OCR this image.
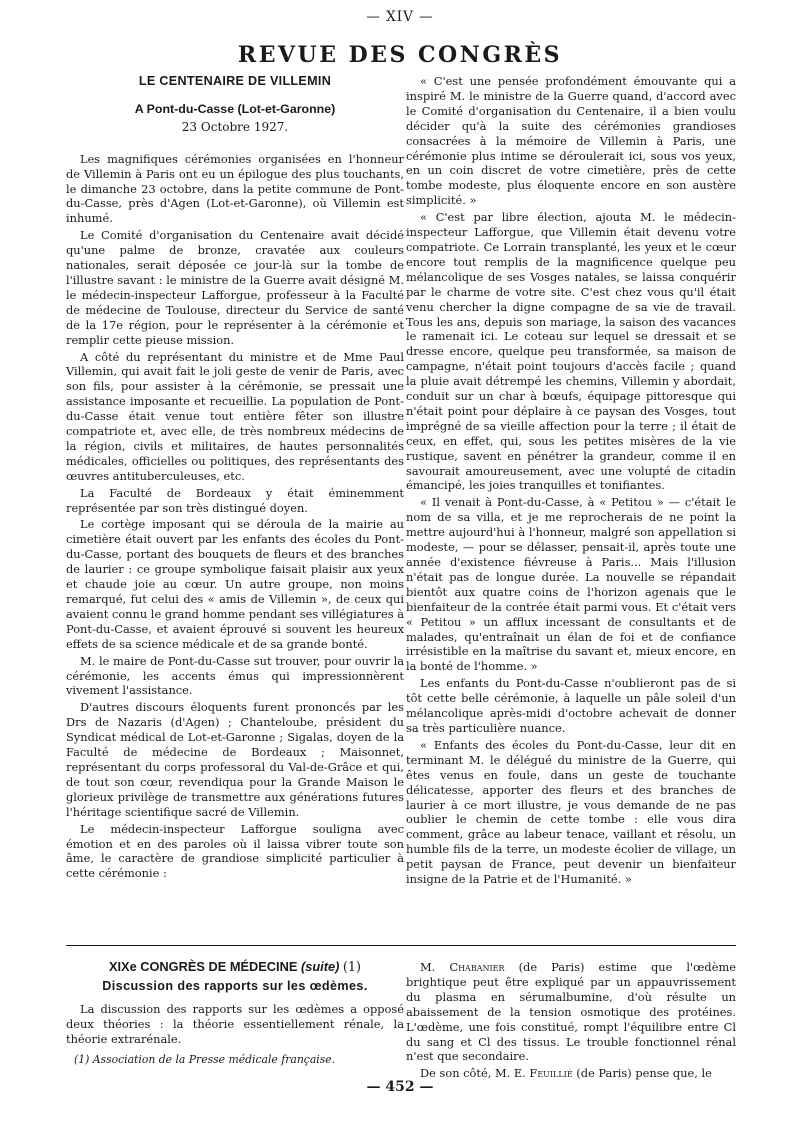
— XIV —
REVUE DES CONGRÈS
LE CENTENAIRE DE VILLEMIN
A Pont-du-Casse (Lot-et-Garonne)
23 Octobre 1927.

Les magnifiques cérémonies organisées en l'honneur de Villemin à Paris ont eu un épilogue des plus touchants, le dimanche 23 octobre, dans la petite commune de Pont-du-Casse, près d'Agen (Lot-et-Garonne), où Villemin est inhumé.

Le Comité d'organisation du Centenaire avait décidé qu'une palme de bronze, cravatée aux couleurs nationales, serait déposée ce jour-là sur la tombe de l'illustre savant : le ministre de la Guerre avait désigné M. le médecin-inspecteur Lafforgue, professeur à la Faculté de médecine de Toulouse, directeur du Service de santé de la 17e région, pour le représenter à la cérémonie et remplir cette pieuse mission.

A côté du représentant du ministre et de Mme Paul Villemin, qui avait fait le joli geste de venir de Paris, avec son fils, pour assister à la cérémonie, se pressait une assistance imposante et recueillie. La population de Pont-du-Casse était venue tout entière fêter son illustre compatriote et, avec elle, de très nombreux médecins de la région, civils et militaires, de hautes personnalités médicales, officielles ou politiques, des représentants des œuvres antituberculeuses, etc.

La Faculté de Bordeaux y était éminemment représentée par son très distingué doyen.

Le cortège imposant qui se déroula de la mairie au cimetière était ouvert par les enfants des écoles du Pont-du-Casse, portant des bouquets de fleurs et des branches de laurier : ce groupe symbolique faisait plaisir aux yeux et chaude joie au cœur. Un autre groupe, non moins remarqué, fut celui des « amis de Villemin », de ceux qui avaient connu le grand homme pendant ses villégiatures à Pont-du-Casse, et avaient éprouvé si souvent les heureux effets de sa science médicale et de sa grande bonté.

M. le maire de Pont-du-Casse sut trouver, pour ouvrir la cérémonie, les accents émus qui impressionnèrent vivement l'assistance.

D'autres discours éloquents furent prononcés par les Drs de Nazaris (d'Agen) ; Chanteloube, président du Syndicat médical de Lot-et-Garonne ; Sigalas, doyen de la Faculté de médecine de Bordeaux ; Maisonnet, représentant du corps professoral du Val-de-Grâce et qui, de tout son cœur, revendiqua pour la Grande Maison le glorieux privilège de transmettre aux générations futures l'héritage scientifique sacré de Villemin.

Le médecin-inspecteur Lafforgue souligna avec émotion et en des paroles où il laissa vibrer toute son âme, le caractère de grandiose simplicité particulier à cette cérémonie :

« C'est une pensée profondément émouvante qui a inspiré M. le ministre de la Guerre quand, d'accord avec le Comité d'organisation du Centenaire, il a bien voulu décider qu'à la suite des cérémonies grandioses consacrées à la mémoire de Villemin à Paris, une cérémonie plus intime se déroulerait ici, sous vos yeux, en un coin discret de votre cimetière, près de cette tombe modeste, plus éloquente encore en son austère simplicité. »

« C'est par libre élection, ajouta M. le médecin-inspecteur Lafforgue, que Villemin était devenu votre compatriote. Ce Lorrain transplanté, les yeux et le cœur encore tout remplis de la magnificence quelque peu mélancolique de ses Vosges natales, se laissa conquérir par le charme de votre site. C'est chez vous qu'il était venu chercher la digne compagne de sa vie de travail. Tous les ans, depuis son mariage, la saison des vacances le ramenait ici. Le coteau sur lequel se dressait et se dresse encore, quelque peu transformée, sa maison de campagne, n'était point toujours d'accès facile ; quand la pluie avait détrempé les chemins, Villemin y abordait, conduit sur un char à bœufs, équipage pittoresque qui n'était point pour déplaire à ce paysan des Vosges, tout imprégné de sa vieille affection pour la terre ; il était de ceux, en effet, qui, sous les petites misères de la vie rustique, savent en pénétrer la grandeur, comme il en savourait amoureusement, avec une volupté de citadin émancipé, les joies tranquilles et tonifiantes.

« Il venait à Pont-du-Casse, à « Petitou » — c'était le nom de sa villa, et je me reprocherais de ne point la mettre aujourd'hui à l'honneur, malgré son appellation si modeste, — pour se délasser, pensait-il, après toute une année d'existence fiévreuse à Paris... Mais l'illusion n'était pas de longue durée. La nouvelle se répandait bientôt aux quatre coins de l'horizon agenais que le bienfaiteur de la contrée était parmi vous. Et c'était vers « Petitou » un afflux incessant de consultants et de malades, qu'entraînait un élan de foi et de confiance irrésistible en la maîtrise du savant et, mieux encore, en la bonté de l'homme. »

Les enfants du Pont-du-Casse n'oublieront pas de si tôt cette belle cérémonie, à laquelle un pâle soleil d'un mélancolique après-midi d'octobre achevait de donner sa très particulière nuance.

« Enfants des écoles du Pont-du-Casse, leur dit en terminant M. le délégué du ministre de la Guerre, qui êtes venus en foule, dans un geste de touchante délicatesse, apporter des fleurs et des branches de laurier à ce mort illustre, je vous demande de ne pas oublier le chemin de cette tombe : elle vous dira comment, grâce au labeur tenace, vaillant et résolu, un humble fils de la terre, un modeste écolier de village, un petit paysan de France, peut devenir un bienfaiteur insigne de la Patrie et de l'Humanité. »

XIXe CONGRÈS DE MÉDECINE (suite) (1)
Discussion des rapports sur les œdèmes.

La discussion des rapports sur les œdèmes a opposé deux théories : la théorie essentiellement rénale, la théorie extrarénale.

(1) Association de la Presse médicale française.

M. Chabanier (de Paris) estime que l'œdème brightique peut être expliqué par un appauvrissement du plasma en sérumalbumine, d'où résulte un abaissement de la tension osmotique des protéines. L'œdème, une fois constitué, rompt l'équilibre entre Cl du sang et Cl des tissus. Le trouble fonctionnel rénal n'est que secondaire.

De son côté, M. E. Feuillié (de Paris) pense que, le

— 452 —
